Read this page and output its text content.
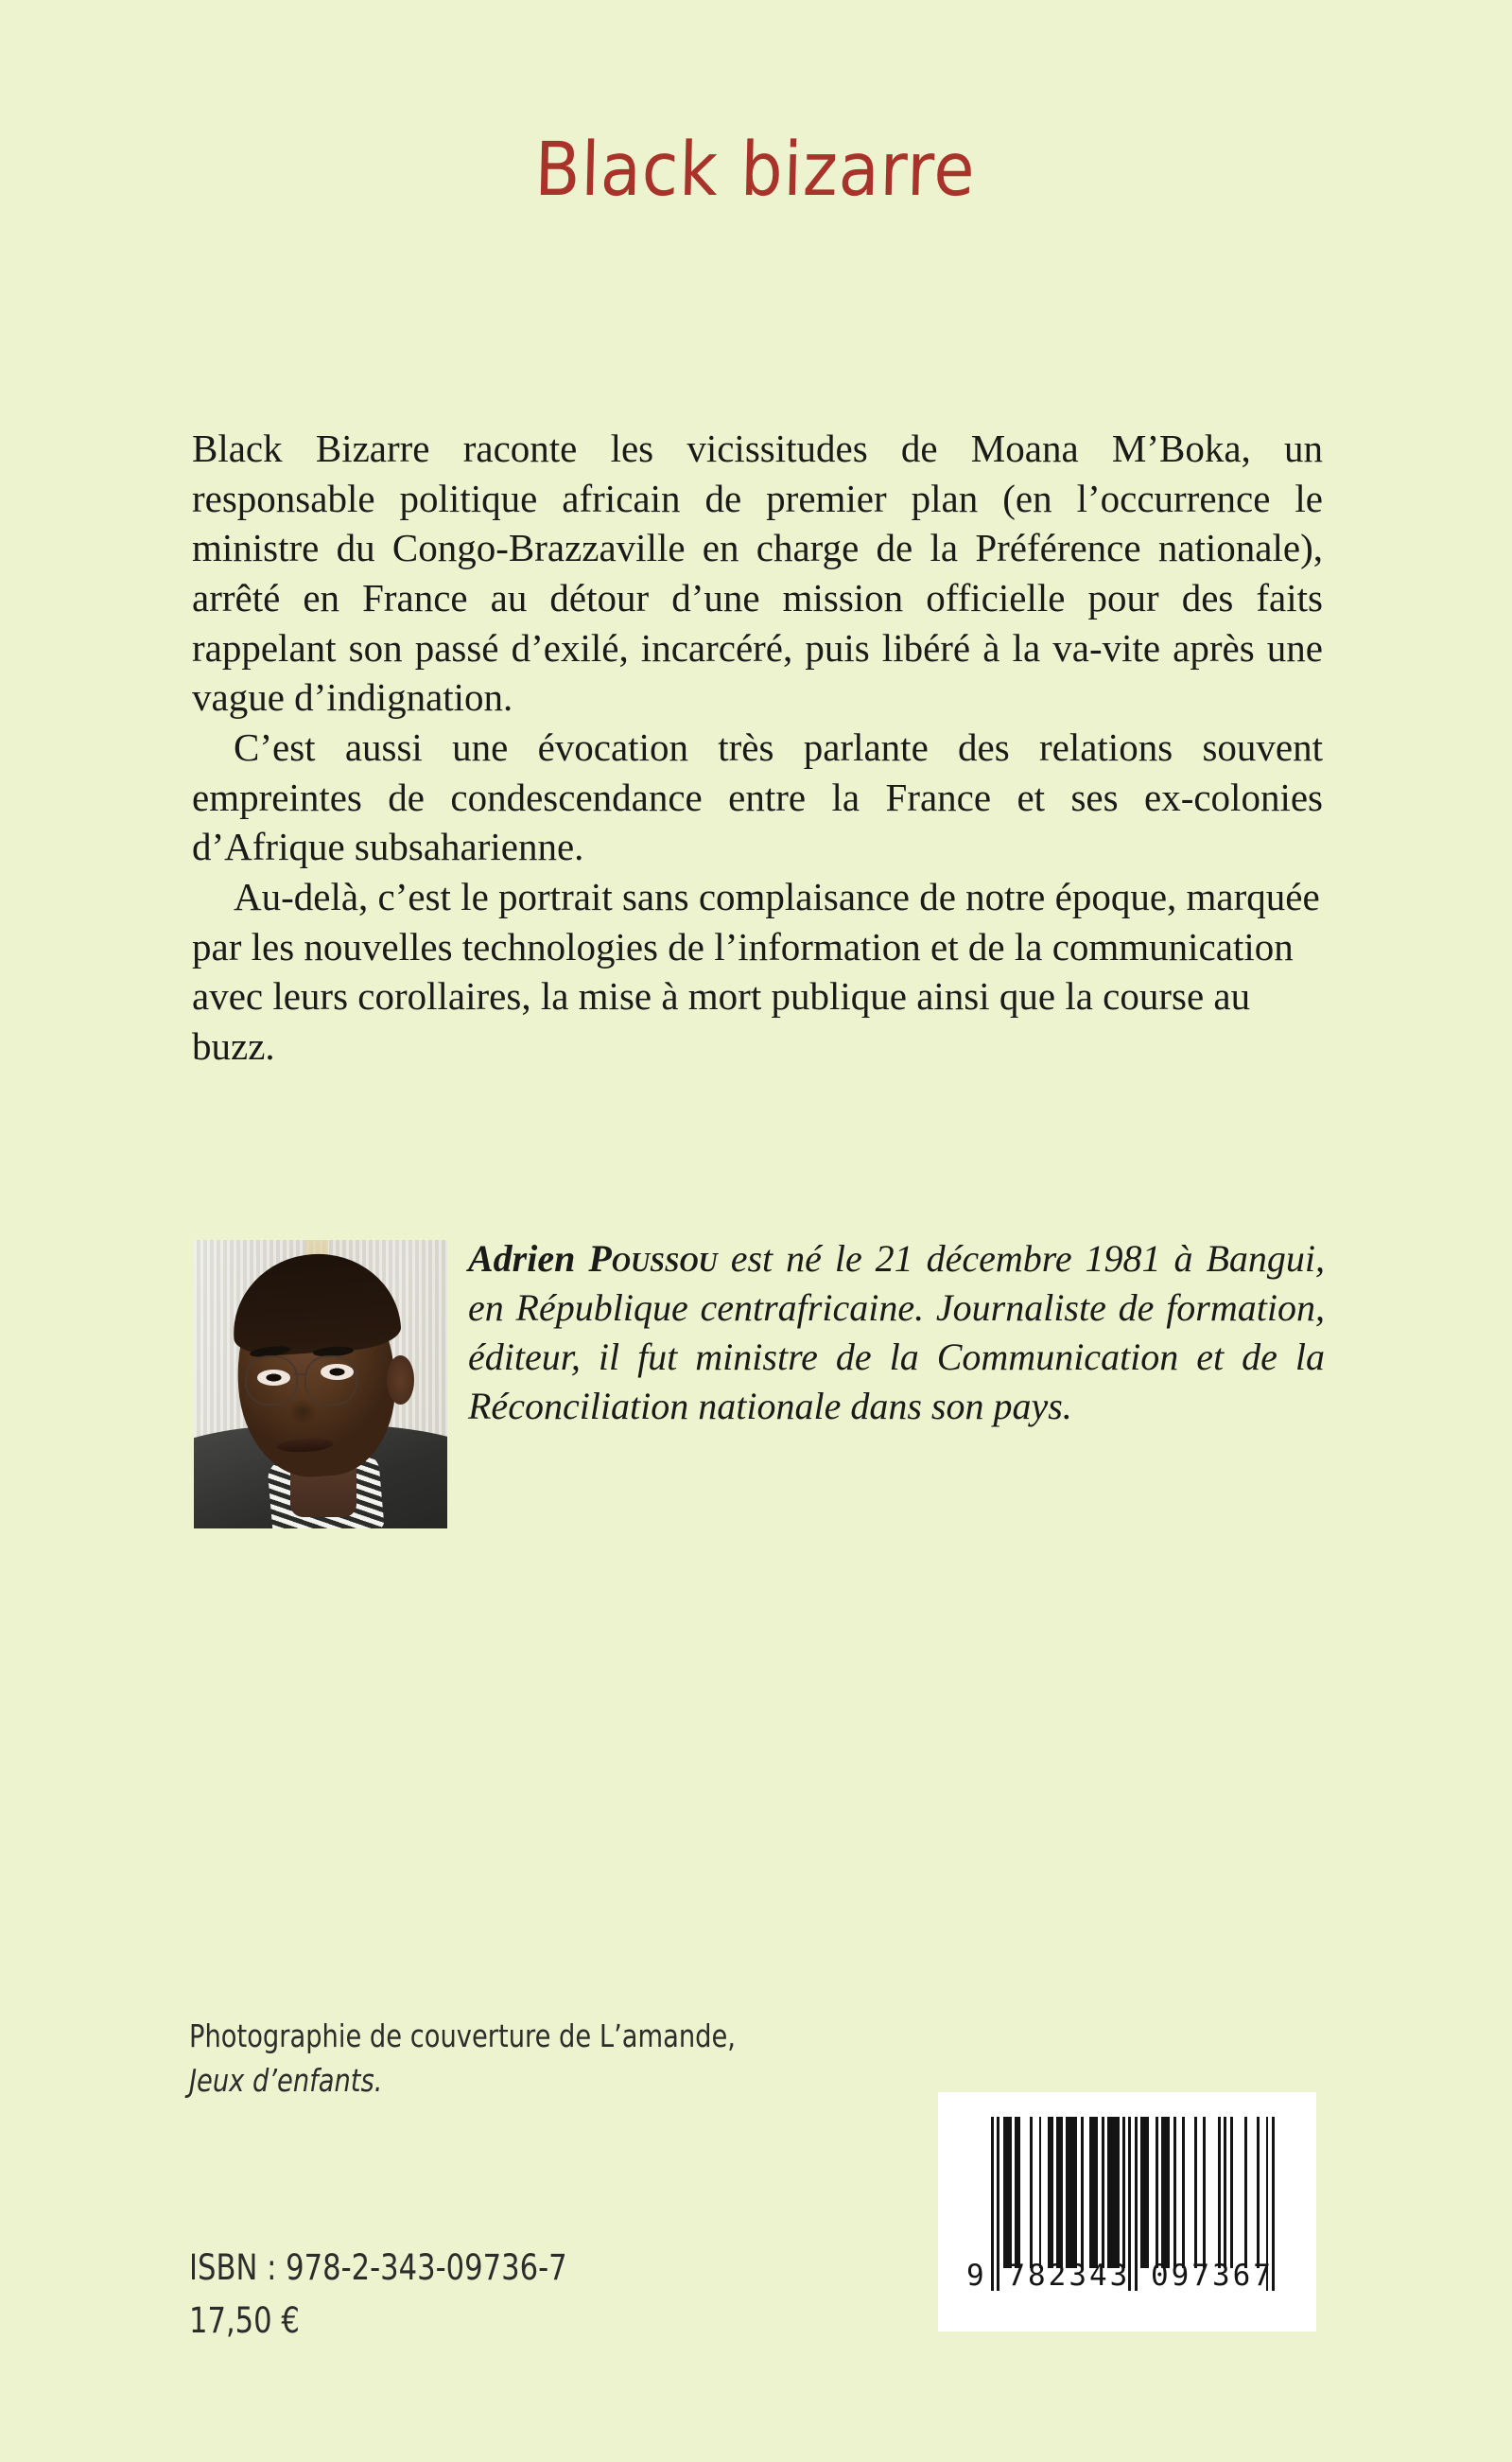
Black bizarre

Black Bizarre raconte les vicissitudes de Moana M’Boka, un responsable politique africain de premier plan (en l’occurrence le ministre du Congo-Brazzaville en charge de la Préférence nationale), arrêté en France au détour d’une mission officielle pour des faits rappelant son passé d’exilé, incarcéré, puis libéré à la va-vite après une vague d’indignation.

C’est aussi une évocation très parlante des relations souvent empreintes de condescendance entre la France et ses ex-colonies d’Afrique subsaharienne.

Au-delà, c’est le portrait sans complaisance de notre époque, marquée par les nouvelles technologies de l’information et de la communication avec leurs corollaires, la mise à mort publique ainsi que la course au buzz.

Adrien Poussou est né le 21 décembre 1981 à Bangui, en République centrafricaine. Journaliste de formation, éditeur, il fut ministre de la Communication et de la Réconciliation nationale dans son pays.
Photographie de couverture de L’amande,
Jeux d’enfants.
ISBN : 978-2-343-09736-7
17,50 €
9 782343 097367
